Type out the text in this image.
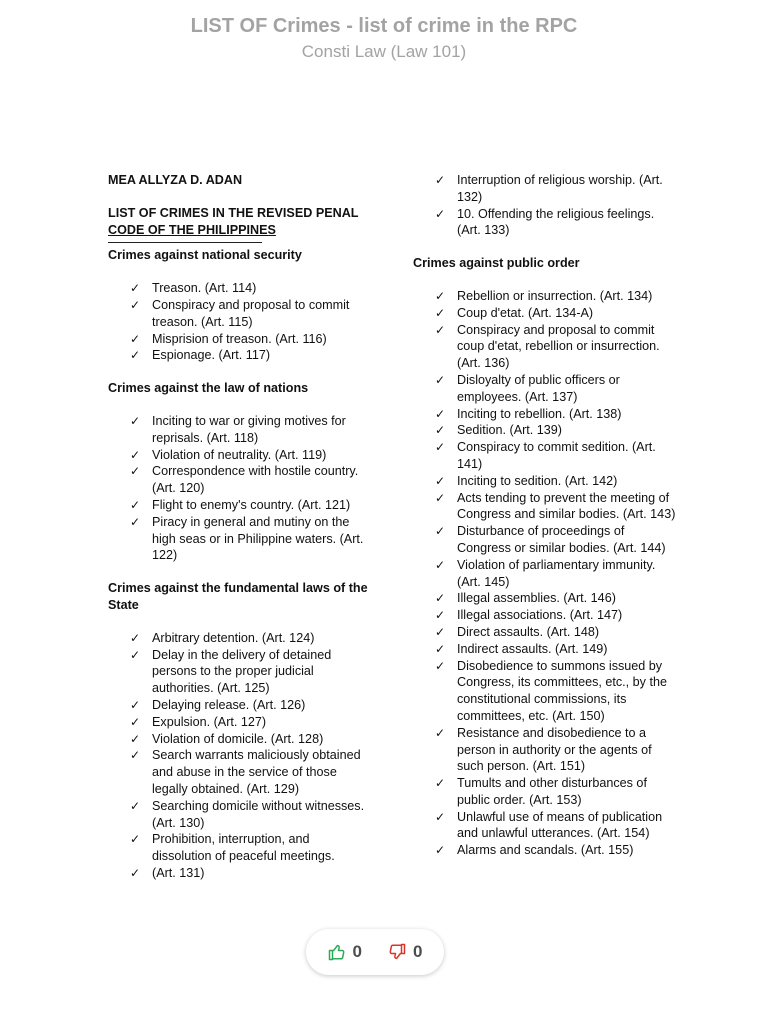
LIST OF Crimes - list of crime in the RPC

Consti Law (Law 101)

MEA ALLYZA D. ADAN

LIST OF CRIMES IN THE REVISED PENAL
CODE OF THE PHILIPPINES

Crimes against national security

✓ Treason. (Art. 114)
✓ Conspiracy and proposal to commit treason. (Art. 115)
✓ Misprision of treason. (Art. 116)
✓ Espionage. (Art. 117)

Crimes against the law of nations

✓ Inciting to war or giving motives for reprisals. (Art. 118)
✓ Violation of neutrality. (Art. 119)
✓ Correspondence with hostile country. (Art. 120)
✓ Flight to enemy's country. (Art. 121)
✓ Piracy in general and mutiny on the high seas or in Philippine waters. (Art. 122)

Crimes against the fundamental laws of the State

✓ Arbitrary detention. (Art. 124)
✓ Delay in the delivery of detained persons to the proper judicial authorities. (Art. 125)
✓ Delaying release. (Art. 126)
✓ Expulsion. (Art. 127)
✓ Violation of domicile. (Art. 128)
✓ Search warrants maliciously obtained and abuse in the service of those legally obtained. (Art. 129)
✓ Searching domicile without witnesses. (Art. 130)
✓ Prohibition, interruption, and dissolution of peaceful meetings.
✓ (Art. 131)
✓ Interruption of religious worship. (Art. 132)
✓ 10. Offending the religious feelings. (Art. 133)

Crimes against public order

✓ Rebellion or insurrection. (Art. 134)
✓ Coup d'etat. (Art. 134-A)
✓ Conspiracy and proposal to commit coup d'etat, rebellion or insurrection. (Art. 136)
✓ Disloyalty of public officers or employees. (Art. 137)
✓ Inciting to rebellion. (Art. 138)
✓ Sedition. (Art. 139)
✓ Conspiracy to commit sedition. (Art. 141)
✓ Inciting to sedition. (Art. 142)
✓ Acts tending to prevent the meeting of Congress and similar bodies. (Art. 143)
✓ Disturbance of proceedings of Congress or similar bodies. (Art. 144)
✓ Violation of parliamentary immunity. (Art. 145)
✓ Illegal assemblies. (Art. 146)
✓ Illegal associations. (Art. 147)
✓ Direct assaults. (Art. 148)
✓ Indirect assaults. (Art. 149)
✓ Disobedience to summons issued by Congress, its committees, etc., by the constitutional commissions, its committees, etc. (Art. 150)
✓ Resistance and disobedience to a person in authority or the agents of such person. (Art. 151)
✓ Tumults and other disturbances of public order. (Art. 153)
✓ Unlawful use of means of publication and unlawful utterances. (Art. 154)
✓ Alarms and scandals. (Art. 155)
0	0
